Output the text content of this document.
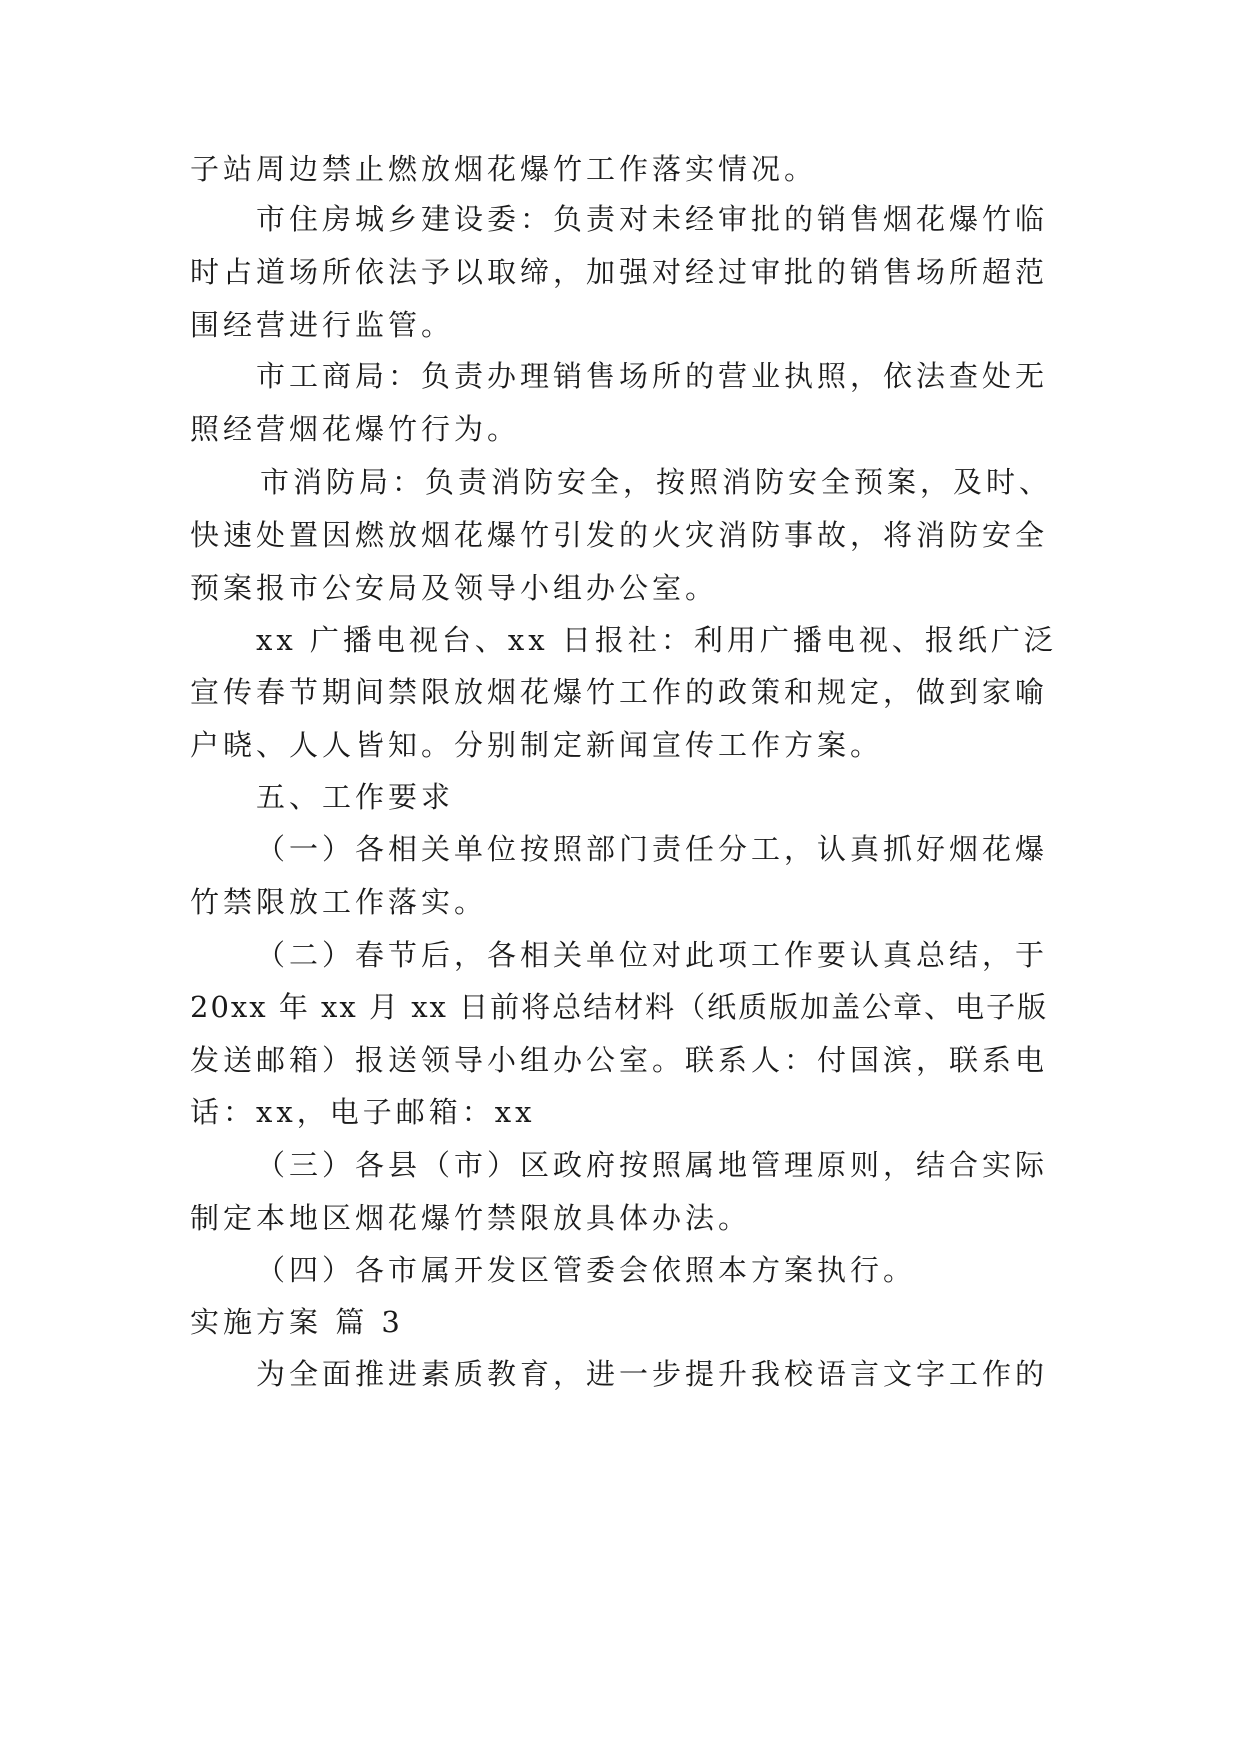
子站周边禁止燃放烟花爆竹工作落实情况。
市住房城乡建设委：负责对未经审批的销售烟花爆竹临
时占道场所依法予以取缔，加强对经过审批的销售场所超范
围经营进行监管。
市工商局：负责办理销售场所的营业执照，依法查处无
照经营烟花爆竹行为。
市消防局：负责消防安全，按照消防安全预案，及时、
快速处置因燃放烟花爆竹引发的火灾消防事故，将消防安全
预案报市公安局及领导小组办公室。
xx 广播电视台、xx 日报社：利用广播电视、报纸广泛
宣传春节期间禁限放烟花爆竹工作的政策和规定，做到家喻
户晓、人人皆知。分别制定新闻宣传工作方案。
五、工作要求
（一）各相关单位按照部门责任分工，认真抓好烟花爆
竹禁限放工作落实。
（二）春节后，各相关单位对此项工作要认真总结，于
20xx 年 xx 月 xx 日前将总结材料（纸质版加盖公章、电子版
发送邮箱）报送领导小组办公室。联系人：付国滨，联系电
话：xx，电子邮箱：xx
（三）各县（市）区政府按照属地管理原则，结合实际
制定本地区烟花爆竹禁限放具体办法。
（四）各市属开发区管委会依照本方案执行。
实施方案 篇 3
为全面推进素质教育，进一步提升我校语言文字工作的
